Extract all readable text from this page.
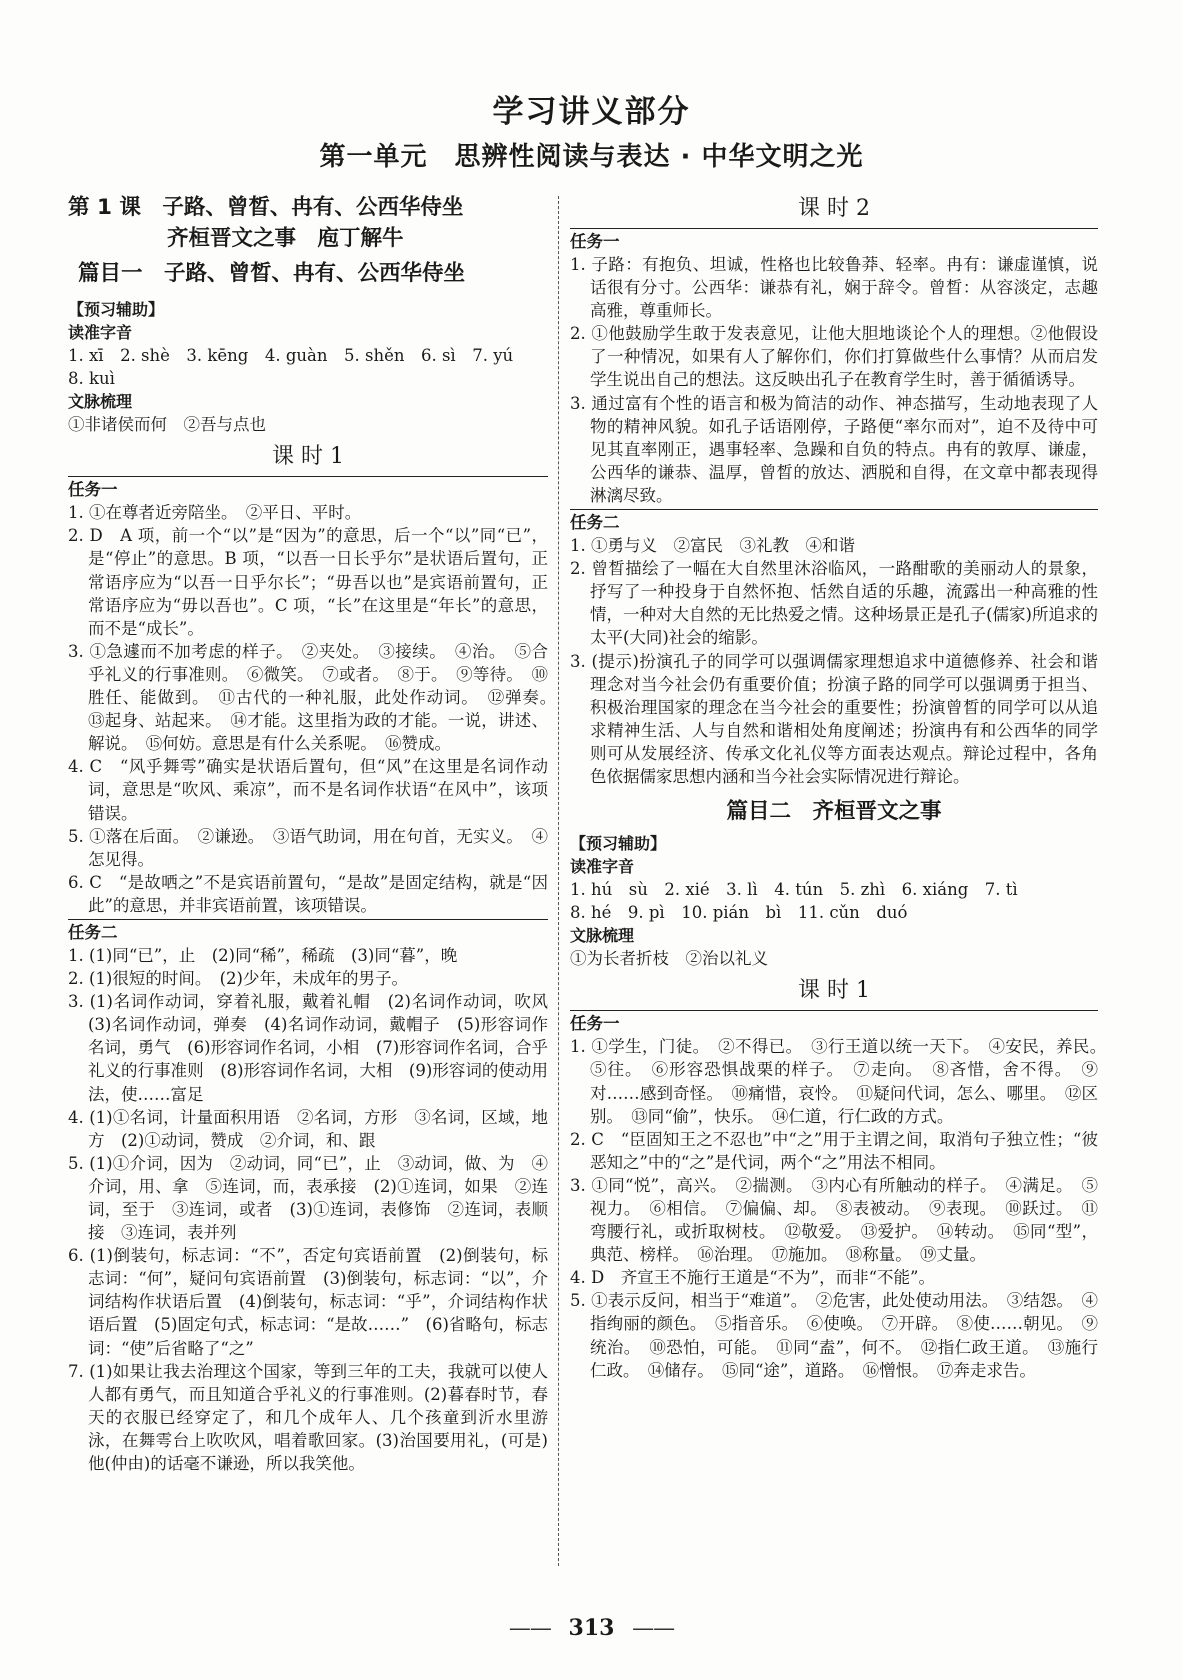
学习讲义部分
第一单元　思辨性阅读与表达 · 中华文明之光
第 1 课　子路、曾晳、冉有、公西华侍坐
齐桓晋文之事　庖丁解牛
篇目一　子路、曾晳、冉有、公西华侍坐
【预习辅助】
读准字音
1. xī　2. shè　3. kēng　4. guàn　5. shěn　6. sì　7. yú
8. kuì
文脉梳理
①非诸侯而何　②吾与点也
课 时 1
任务一
1. ①在尊者近旁陪坐。　②平日、平时。
2. D　A 项，前一个“以”是“因为”的意思，后一个“以”同“已”，是“停止”的意思。B 项，“以吾一日长乎尔”是状语后置句，正常语序应为“以吾一日乎尔长”；“毋吾以也”是宾语前置句，正常语序应为“毋以吾也”。C 项，“长”在这里是“年长”的意思，而不是“成长”。
3. ①急遽而不加考虑的样子。　②夹处。　③接续。　④治。　⑤合乎礼义的行事准则。　⑥微笑。　⑦或者。　⑧于。　⑨等待。　⑩胜任、能做到。　⑪古代的一种礼服，此处作动词。　⑫弹奏。　⑬起身、站起来。　⑭才能。这里指为政的才能。一说，讲述、解说。　⑮何妨。意思是有什么关系呢。　⑯赞成。
4. C　“风乎舞雩”确实是状语后置句，但“风”在这里是名词作动词，意思是“吹风、乘凉”，而不是名词作状语“在风中”，该项错误。
5. ①落在后面。　②谦逊。　③语气助词，用在句首，无实义。　④怎见得。
6. C　“是故哂之”不是宾语前置句，“是故”是固定结构，就是“因此”的意思，并非宾语前置，该项错误。
任务二
1. (1)同“已”，止　(2)同“稀”，稀疏　(3)同“暮”，晚
2. (1)很短的时间。　(2)少年，未成年的男子。
3. (1)名词作动词，穿着礼服，戴着礼帽　(2)名词作动词，吹风　(3)名词作动词，弹奏　(4)名词作动词，戴帽子　(5)形容词作名词，勇气　(6)形容词作名词，小相　(7)形容词作名词，合乎礼义的行事准则　(8)形容词作名词，大相　(9)形容词的使动用法，使……富足
4. (1)①名词，计量面积用语　②名词，方形　③名词，区域，地方　(2)①动词，赞成　②介词，和、跟
5. (1)①介词，因为　②动词，同“已”，止　③动词，做、为　④介词，用、拿　⑤连词，而，表承接　(2)①连词，如果　②连词，至于　③连词，或者　(3)①连词，表修饰　②连词，表顺接　③连词，表并列
6. (1)倒装句，标志词：“不”，否定句宾语前置　(2)倒装句，标志词：“何”，疑问句宾语前置　(3)倒装句，标志词：“以”，介词结构作状语后置　(4)倒装句，标志词：“乎”，介词结构作状语后置　(5)固定句式，标志词：“是故……”　(6)省略句，标志词：“使”后省略了“之”
7. (1)如果让我去治理这个国家，等到三年的工夫，我就可以使人人都有勇气，而且知道合乎礼义的行事准则。(2)暮春时节，春天的衣服已经穿定了，和几个成年人、几个孩童到沂水里游泳，在舞雩台上吹吹风，唱着歌回家。(3)治国要用礼，(可是)他(仲由)的话毫不谦逊，所以我笑他。
课 时 2
任务一
1. 子路：有抱负、坦诚，性格也比较鲁莽、轻率。冉有：谦虚谨慎，说话很有分寸。公西华：谦恭有礼，娴于辞令。曾晳：从容淡定，志趣高雅，尊重师长。
2. ①他鼓励学生敢于发表意见，让他大胆地谈论个人的理想。②他假设了一种情况，如果有人了解你们，你们打算做些什么事情？从而启发学生说出自己的想法。这反映出孔子在教育学生时，善于循循诱导。
3. 通过富有个性的语言和极为简洁的动作、神态描写，生动地表现了人物的精神风貌。如孔子话语刚停，子路便“率尔而对”，迫不及待中可见其直率刚正，遇事轻率、急躁和自负的特点。冉有的敦厚、谦虚，公西华的谦恭、温厚，曾晳的放达、洒脱和自得，在文章中都表现得淋漓尽致。
任务二
1. ①勇与义　②富民　③礼教　④和谐
2. 曾晳描绘了一幅在大自然里沐浴临风，一路酣歌的美丽动人的景象，抒写了一种投身于自然怀抱、恬然自适的乐趣，流露出一种高雅的性情，一种对大自然的无比热爱之情。这种场景正是孔子(儒家)所追求的太平(大同)社会的缩影。
3. (提示)扮演孔子的同学可以强调儒家理想追求中道德修养、社会和谐理念对当今社会仍有重要价值；扮演子路的同学可以强调勇于担当、积极治理国家的理念在当今社会的重要性；扮演曾晳的同学可以从追求精神生活、人与自然和谐相处角度阐述；扮演冉有和公西华的同学则可从发展经济、传承文化礼仪等方面表达观点。辩论过程中，各角色依据儒家思想内涵和当今社会实际情况进行辩论。
篇目二　齐桓晋文之事
【预习辅助】
读准字音
1. hú　sù　2. xié　3. lì　4. tún　5. zhì　6. xiáng　7. tì
8. hé　9. pì　10. pián　bì　11. cǔn　duó
文脉梳理
①为长者折枝　②治以礼义
课 时 1
任务一
1. ①学生，门徒。　②不得已。　③行王道以统一天下。　④安民，养民。　⑤往。　⑥形容恐惧战栗的样子。　⑦走向。　⑧吝惜，舍不得。　⑨对……感到奇怪。　⑩痛惜，哀怜。　⑪疑问代词，怎么、哪里。　⑫区别。　⑬同“偷”，快乐。　⑭仁道，行仁政的方式。
2. C　“臣固知王之不忍也”中“之”用于主谓之间，取消句子独立性；“彼恶知之”中的“之”是代词，两个“之”用法不相同。
3. ①同“悦”，高兴。　②揣测。　③内心有所触动的样子。　④满足。　⑤视力。　⑥相信。　⑦偏偏、却。　⑧表被动。　⑨表现。　⑩跃过。　⑪弯腰行礼，或折取树枝。　⑫敬爱。　⑬爱护。　⑭转动。　⑮同“型”，典范、榜样。　⑯治理。　⑰施加。　⑱称量。　⑲丈量。
4. D　齐宣王不施行王道是“不为”，而非“不能”。
5. ①表示反问，相当于“难道”。　②危害，此处使动用法。　③结怨。　④指绚丽的颜色。　⑤指音乐。　⑥使唤。　⑦开辟。　⑧使……朝见。　⑨统治。　⑩恐怕，可能。　⑪同“盍”，何不。　⑫指仁政王道。　⑬施行仁政。　⑭储存。　⑮同“途”，道路。　⑯憎恨。　⑰奔走求告。
—— 313 ——
